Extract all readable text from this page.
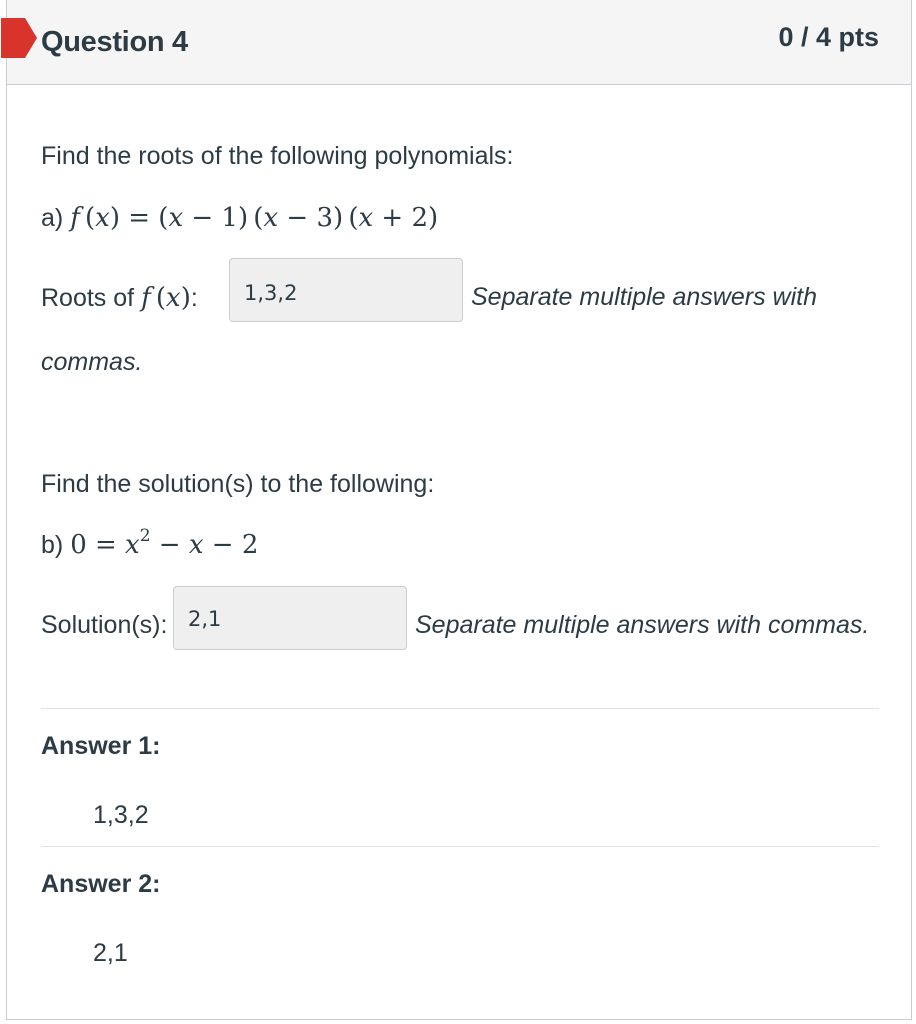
Question 4	0 / 4 pts
Find the roots of the following polynomials:
a) f (x) = (x − 1) (x − 3) (x + 2)
Roots of f (x):	1,3,2	Separate multiple answers with
commas.
Find the solution(s) to the following:
b) $0 = x^2 - x - 2$
Solution(s): 2,1	Separate multiple answers with commas.
Answer 1:
1,3,2
Answer 2:
2,1
